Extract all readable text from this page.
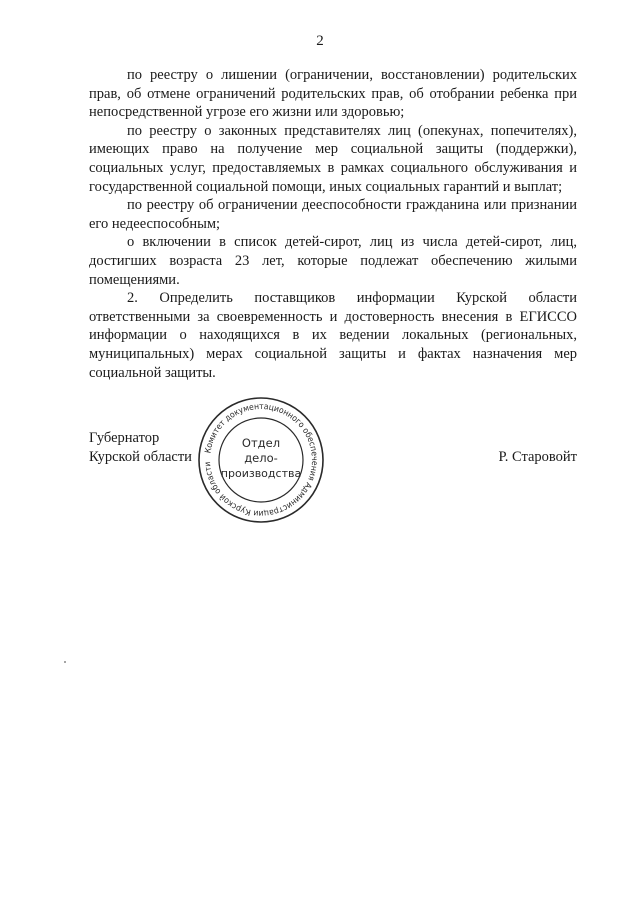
2

по реестру о лишении (ограничении, восстановлении) родительских прав, об отмене ограничений родительских прав, об отобрании ребенка при непосредственной угрозе его жизни или здоровью;

по реестру о законных представителях лиц (опекунах, попечителях), имеющих право на получение мер социальной защиты (поддержки), социальных услуг, предоставляемых в рамках социального обслуживания и государственной социальной помощи, иных социальных гарантий и выплат;

по реестру об ограничении дееспособности гражданина или признании его недееспособным;

о включении в список детей-сирот, лиц из числа детей-сирот, лиц, достигших возраста 23 лет, которые подлежат обеспечению жилыми помещениями.

2. Определить поставщиков информации Курской области ответственными за своевременность и достоверность внесения в ЕГИССО информации о находящихся в их ведении локальных (региональных, муниципальных) мерах социальной защиты и фактах назначения мер социальной защиты.

Губернатор
Курской области	Р. Старовойт
Комитет документационного обеспечения Администрации Курской области
Отдел
дело-
производства
